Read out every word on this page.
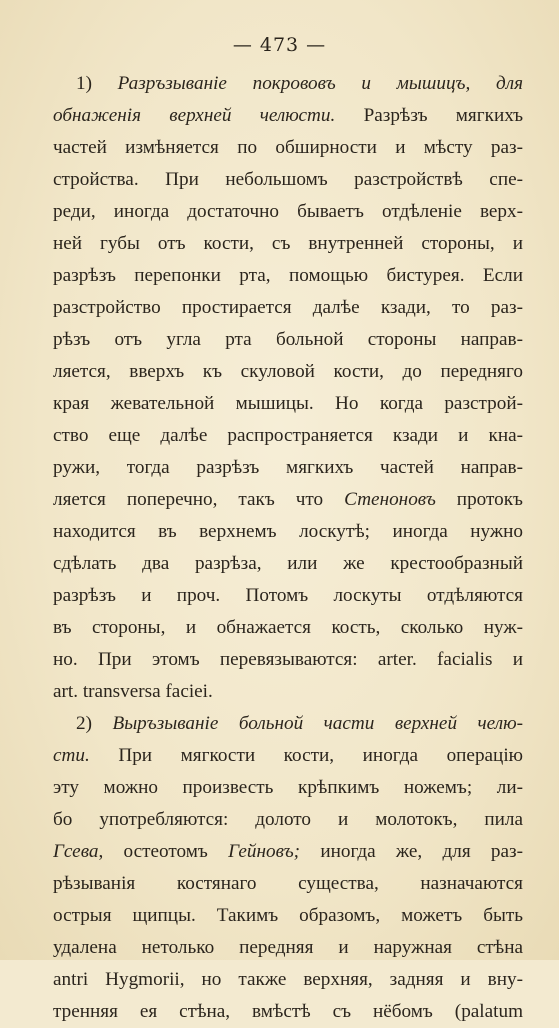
— 473 —
1) Разръзываніе покрововъ и мышицъ, для
обнаженія верхней челюсти. Разрѣзъ мягкихъ
частей измѣняется по обширности и мѣсту раз-
стройства. При небольшомъ разстройствѣ спе-
реди, иногда достаточно бываетъ отдѣленіе верх-
ней губы отъ кости, съ внутренней стороны, и
разрѣзъ перепонки рта, помощью бистурея. Если
разстройство простирается далѣе кзади, то раз-
рѣзъ отъ угла рта больной стороны направ-
ляется, вверхъ къ скуловой кости, до передняго
края жевательной мышицы. Но когда разстрой-
ство еще далѣе распространяется кзади и кна-
ружи, тогда разрѣзъ мягкихъ частей направ-
ляется поперечно, такъ что Стеноновъ протокъ
находится въ верхнемъ лоскутѣ; иногда нужно
сдѣлать два разрѣза, или же крестообразный
разрѣзъ и проч. Потомъ лоскуты отдѣляются
въ стороны, и обнажается кость, сколько нуж-
но. При этомъ перевязываются: arter. facialis и
art. transversa faciei.
2) Выръзываніе больной части верхней челю-
сти. При мягкости кости, иногда операцію
эту можно произвесть крѣпкимъ ножемъ; ли-
бо употребляются: долото и молотокъ, пила
Гсева, остеотомъ Гейновъ; иногда же, для раз-
рѣзыванія костянаго существа, назначаются
острыя щипцы. Такимъ образомъ, можетъ быть
удалена нетолько передняя и наружная стѣна
antri Hygmorii, но также верхняя, задняя и вну-
тренняя ея стѣна, вмѣстѣ съ нёбомъ (palatum
